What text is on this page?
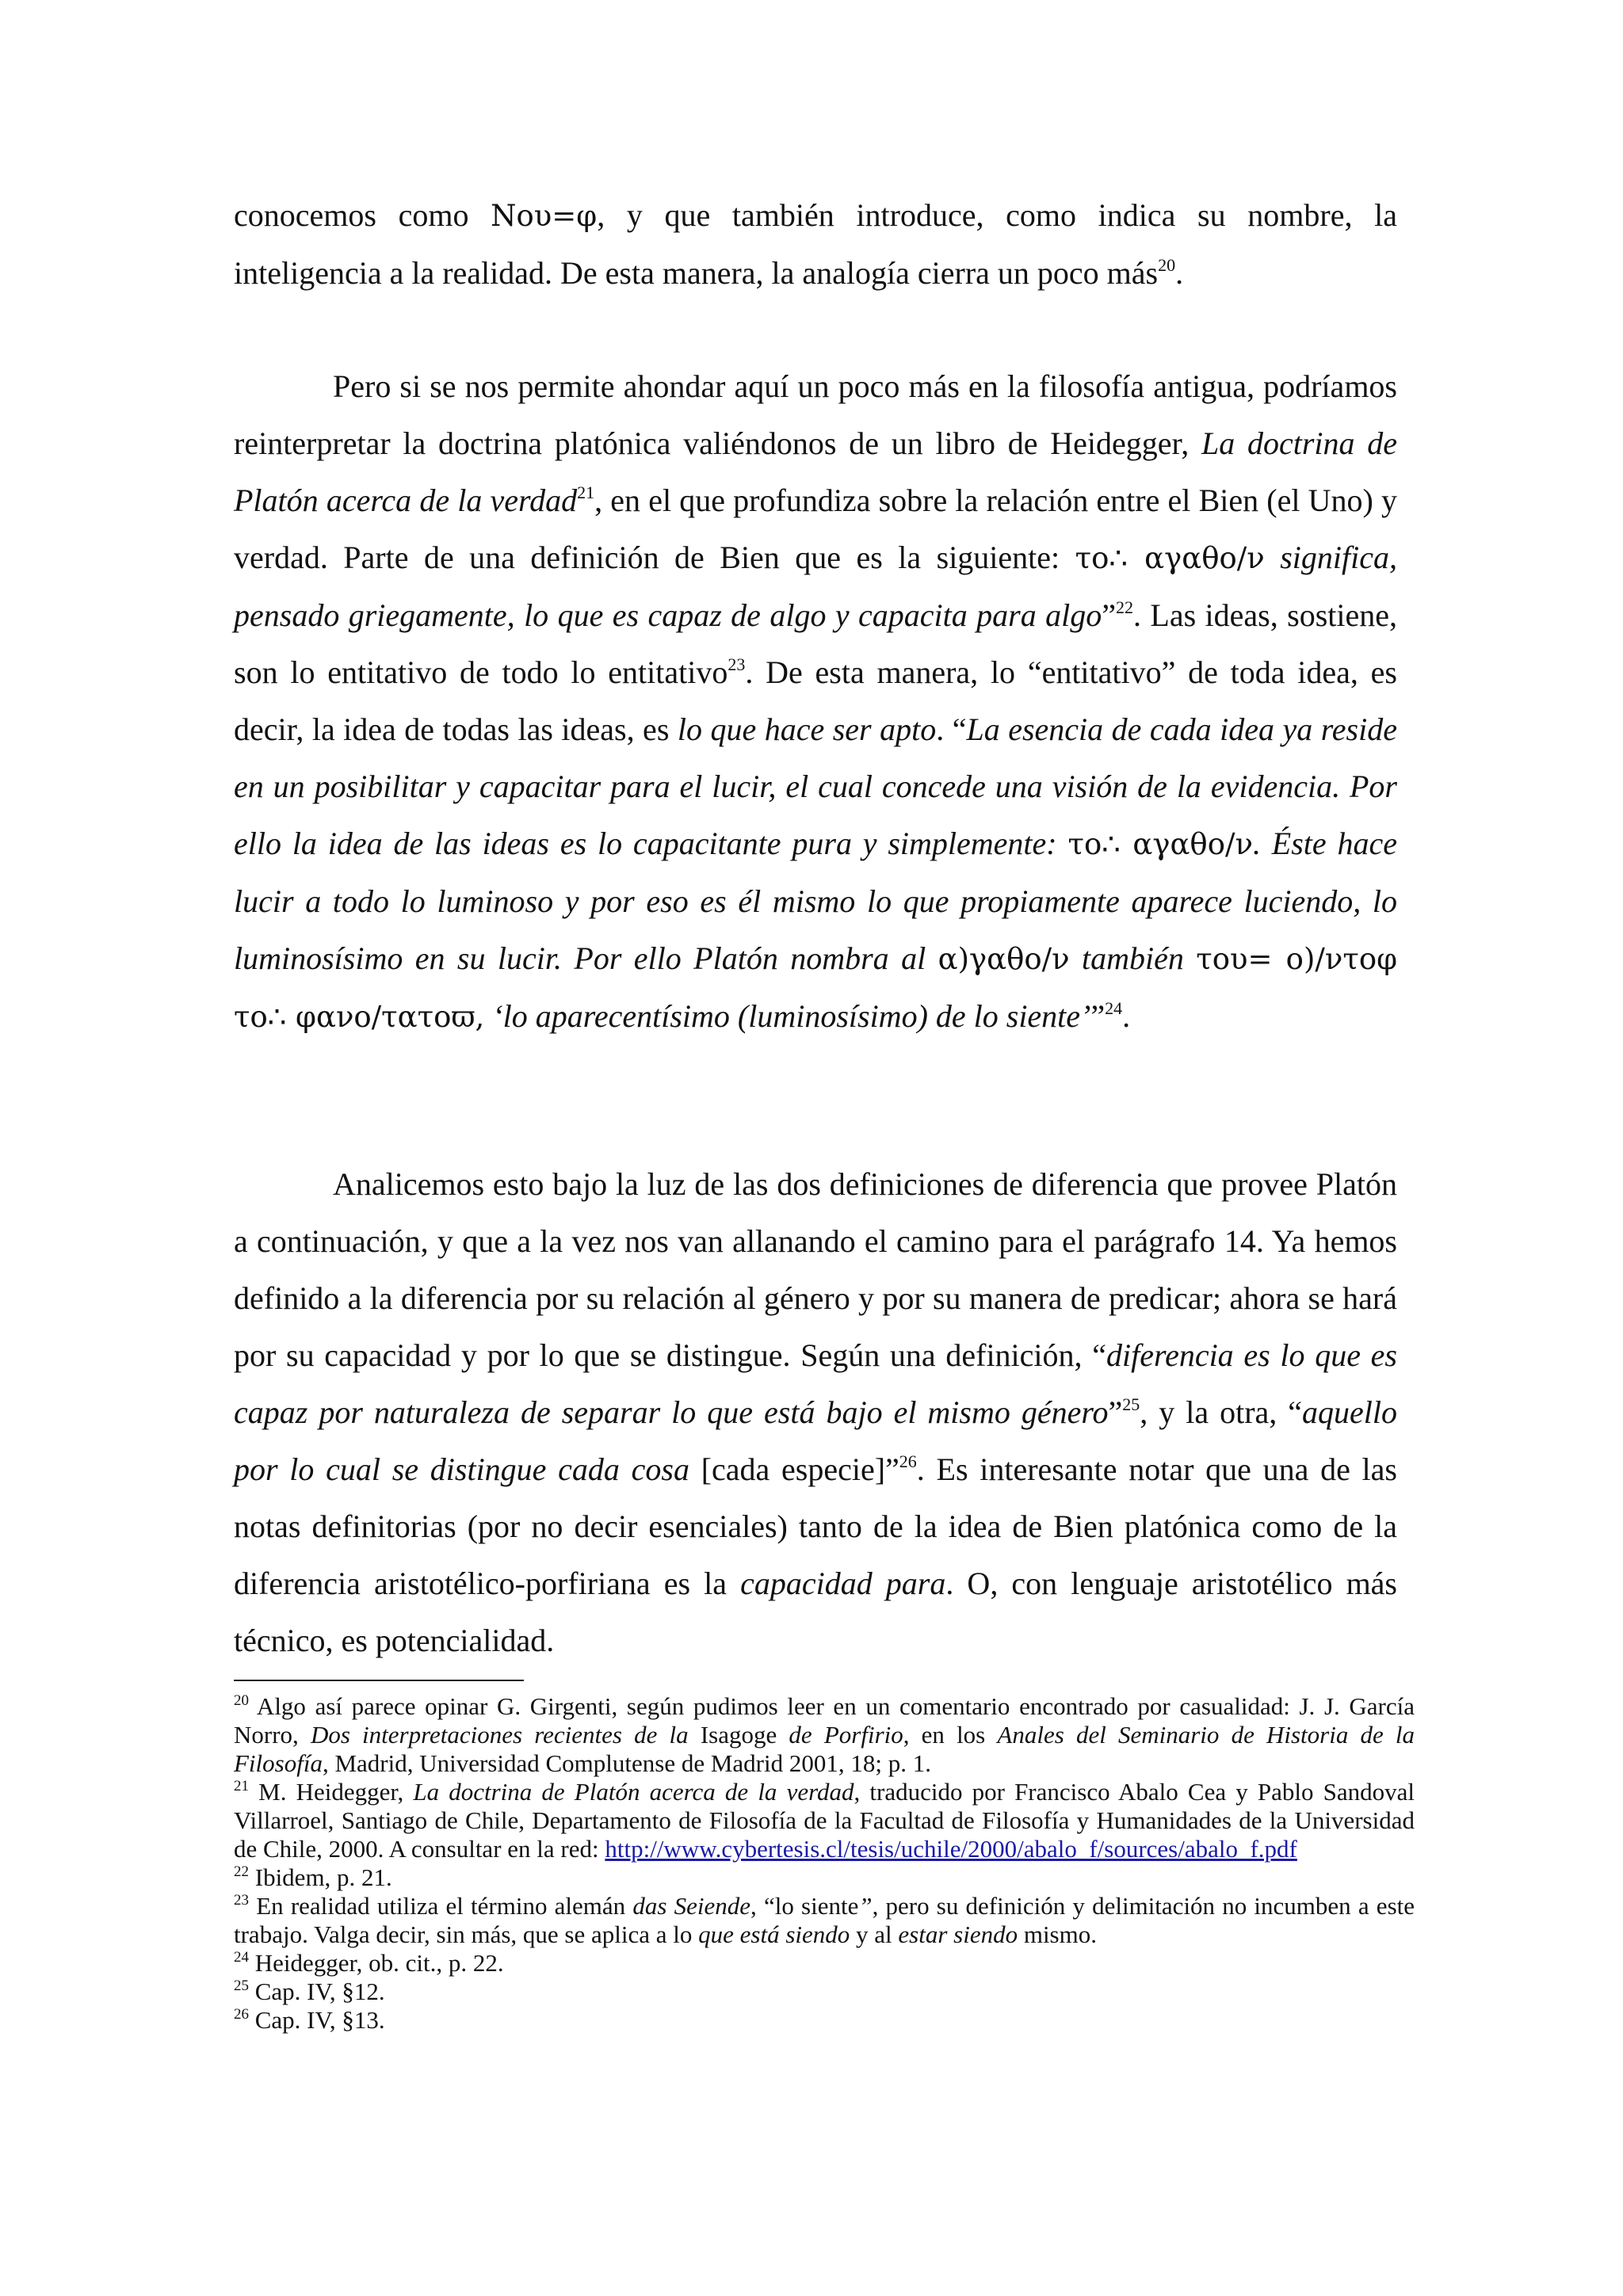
conocemos como Nου=φ, y que también introduce, como indica su nombre, la inteligencia a la realidad. De esta manera, la analogía cierra un poco más$^{20}$.

Pero si se nos permite ahondar aquí un poco más en la filosofía antigua, podríamos reinterpretar la doctrina platónica valiéndonos de un libro de Heidegger, La doctrina de Platón acerca de la verdad$^{21}$, en el que profundiza sobre la relación entre el Bien (el Uno) y verdad. Parte de una definición de Bien que es la siguiente: το∴ αγαθο/ν significa, pensado griegamente, lo que es capaz de algo y capacita para algo”$^{22}$. Las ideas, sostiene, son lo entitativo de todo lo entitativo$^{23}$. De esta manera, lo “entitativo” de toda idea, es decir, la idea de todas las ideas, es lo que hace ser apto. “La esencia de cada idea ya reside en un posibilitar y capacitar para el lucir, el cual concede una visión de la evidencia. Por ello la idea de las ideas es lo capacitante pura y simplemente: το∴ αγαθο/ν. Éste hace lucir a todo lo luminoso y por eso es él mismo lo que propiamente aparece luciendo, lo luminosísimo en su lucir. Por ello Platón nombra al α)γαθο/ν también του= ο)/ντοφ το∴ φανο/τατοϖ, ‘lo aparecentísimo (luminosísimo) de lo siente’”$^{24}$.

Analicemos esto bajo la luz de las dos definiciones de diferencia que provee Platón a continuación, y que a la vez nos van allanando el camino para el parágrafo 14. Ya hemos definido a la diferencia por su relación al género y por su manera de predicar; ahora se hará por su capacidad y por lo que se distingue. Según una definición, “diferencia es lo que es capaz por naturaleza de separar lo que está bajo el mismo género”$^{25}$, y la otra, “aquello por lo cual se distingue cada cosa [cada especie]”$^{26}$. Es interesante notar que una de las notas definitorias (por no decir esenciales) tanto de la idea de Bien platónica como de la diferencia aristotélico-porfiriana es la capacidad para. O, con lenguaje aristotélico más técnico, es potencialidad.

$^{20}$ Algo así parece opinar G. Girgenti, según pudimos leer en un comentario encontrado por casualidad: J. J. García Norro, Dos interpretaciones recientes de la Isagoge de Porfirio, en los Anales del Seminario de Historia de la Filosofía, Madrid, Universidad Complutense de Madrid 2001, 18; p. 1.

$^{21}$ M. Heidegger, La doctrina de Platón acerca de la verdad, traducido por Francisco Abalo Cea y Pablo Sandoval Villarroel, Santiago de Chile, Departamento de Filosofía de la Facultad de Filosofía y Humanidades de la Universidad de Chile, 2000. A consultar en la red: http://www.cybertesis.cl/tesis/uchile/2000/abalo_f/sources/abalo_f.pdf

$^{22}$ Ibidem, p. 21.

$^{23}$ En realidad utiliza el término alemán das Seiende, “lo siente”, pero su definición y delimitación no incumben a este trabajo. Valga decir, sin más, que se aplica a lo que está siendo y al estar siendo mismo.

$^{24}$ Heidegger, ob. cit., p. 22.

$^{25}$ Cap. IV, §12.

$^{26}$ Cap. IV, §13.
